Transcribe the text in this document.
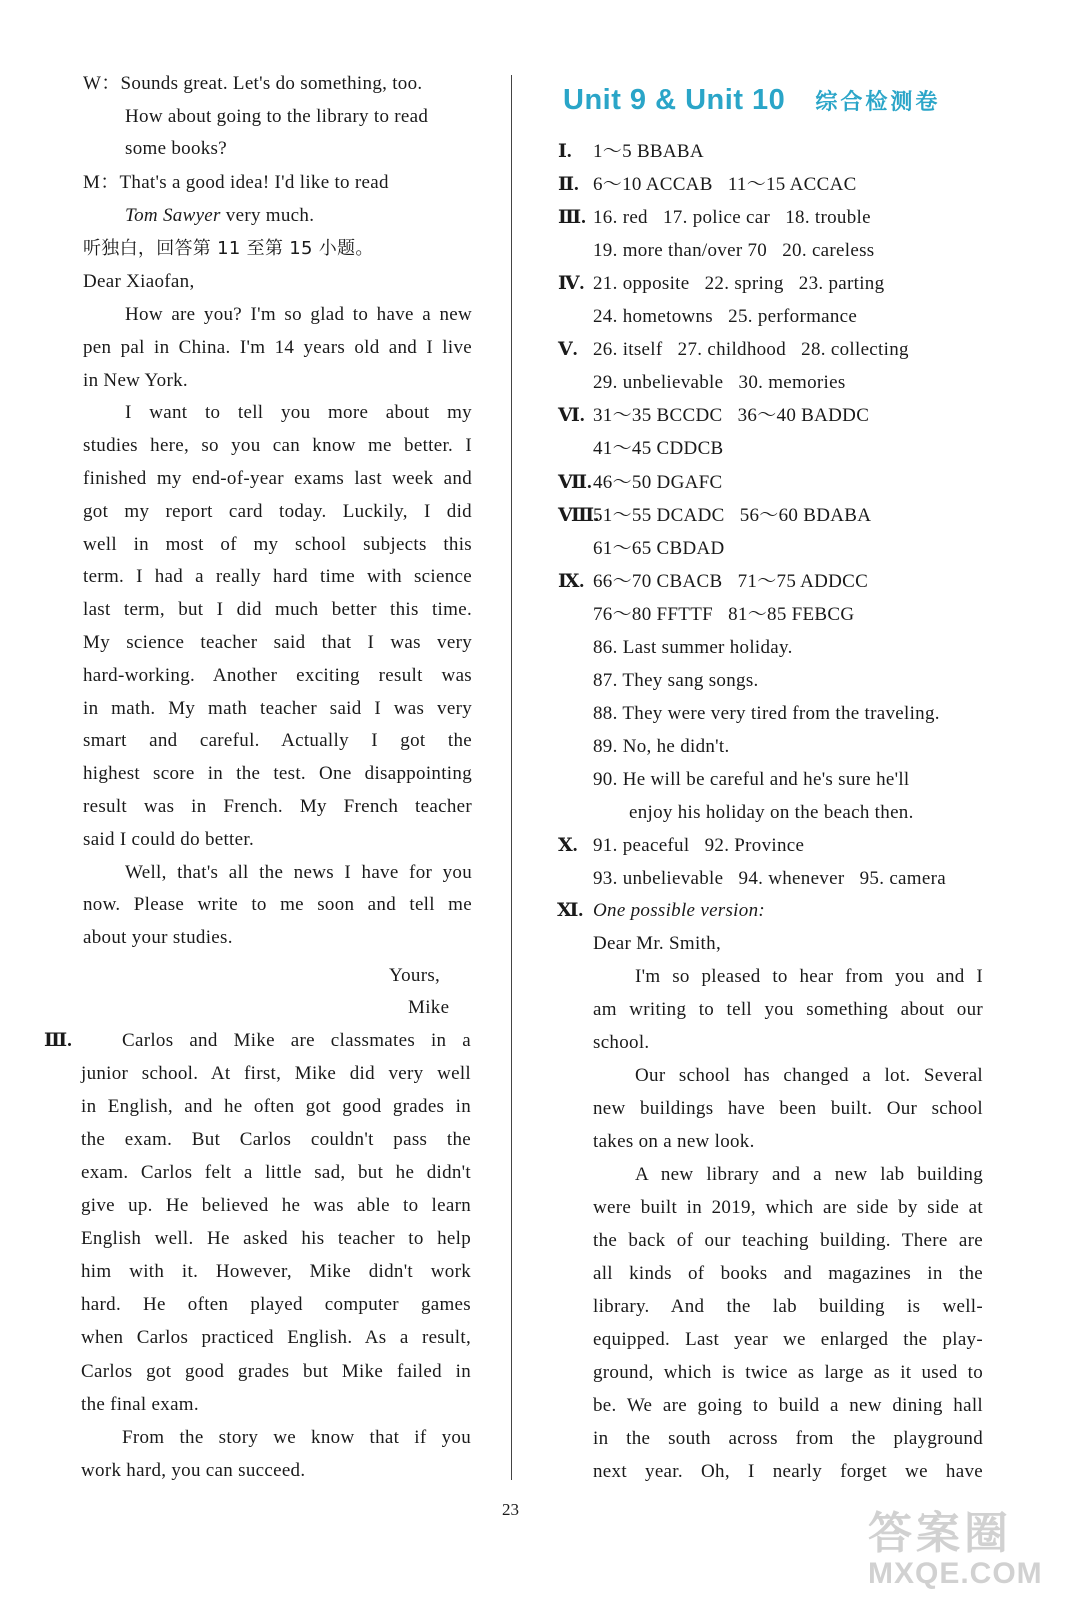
W：Sounds great. Let's do something, too.
How about going to the library to read
some books?
M：That's a good idea! I'd like to read
Tom Sawyer very much.
听独白，回答第 11 至第 15 小题。
Dear Xiaofan,
How are you? I'm so glad to have a new
pen pal in China. I'm 14 years old and I live
in New York.
I want to tell you more about my
studies here, so you can know me better. I
finished my end-of-year exams last week and
got my report card today. Luckily, I did
well in most of my school subjects this
term. I had a really hard time with science
last term, but I did much better this time.
My science teacher said that I was very
hard-working. Another exciting result was
in math. My math teacher said I was very
smart and careful. Actually I got the
highest score in the test. One disappointing
result was in French. My French teacher
said I could do better.
Well, that's all the news I have for you
now. Please write to me soon and tell me
about your studies.
Yours,
Mike
Ⅲ.	Carlos and Mike are classmates in a
junior school. At first, Mike did very well
in English, and he often got good grades in
the exam. But Carlos couldn't pass the
exam. Carlos felt a little sad, but he didn't
give up. He believed he was able to learn
English well. He asked his teacher to help
him with it. However, Mike didn't work
hard. He often played computer games
when Carlos practiced English. As a result,
Carlos got good grades but Mike failed in
the final exam.
From the story we know that if you
work hard, you can succeed.
Unit 9 & Unit 10 综合检测卷
Ⅰ. 1～5 BBABA
Ⅱ. 6～10 ACCAB   11～15 ACCAC
Ⅲ. 16. red   17. police car   18. trouble
19. more than/over 70   20. careless
Ⅳ. 21. opposite   22. spring   23. parting
24. hometowns   25. performance
Ⅴ. 26. itself   27. childhood   28. collecting
29. unbelievable   30. memories
Ⅵ. 31～35 BCCDC   36～40 BADDC
41～45 CDDCB
Ⅶ. 46～50 DGAFC
Ⅷ.
51～55 DCADC   56～60 BDABA
61～65 CBDAD
Ⅸ. 66～70 CBACB   71～75 ADDCC
76～80 FFTTF   81～85 FEBCG
86. Last summer holiday.
87. They sang songs.
88. They were very tired from the traveling.
89. No, he didn't.
90. He will be careful and he's sure he'll
enjoy his holiday on the beach then.
Ⅹ. 91. peaceful   92. Province
93. unbelievable   94. whenever   95. camera
Ⅺ. One possible version:
Dear Mr. Smith,
I'm so pleased to hear from you and I
am writing to tell you something about our
school.
Our school has changed a lot. Several
new buildings have been built. Our school
takes on a new look.
A new library and a new lab building
were built in 2019, which are side by side at
the back of our teaching building. There are
all kinds of books and magazines in the
library. And the lab building is well-
equipped. Last year we enlarged the play-
ground, which is twice as large as it used to
be. We are going to build a new dining hall
in the south across from the playground
next year. Oh, I nearly forget we have
23	答案圈
MXQE.COM
